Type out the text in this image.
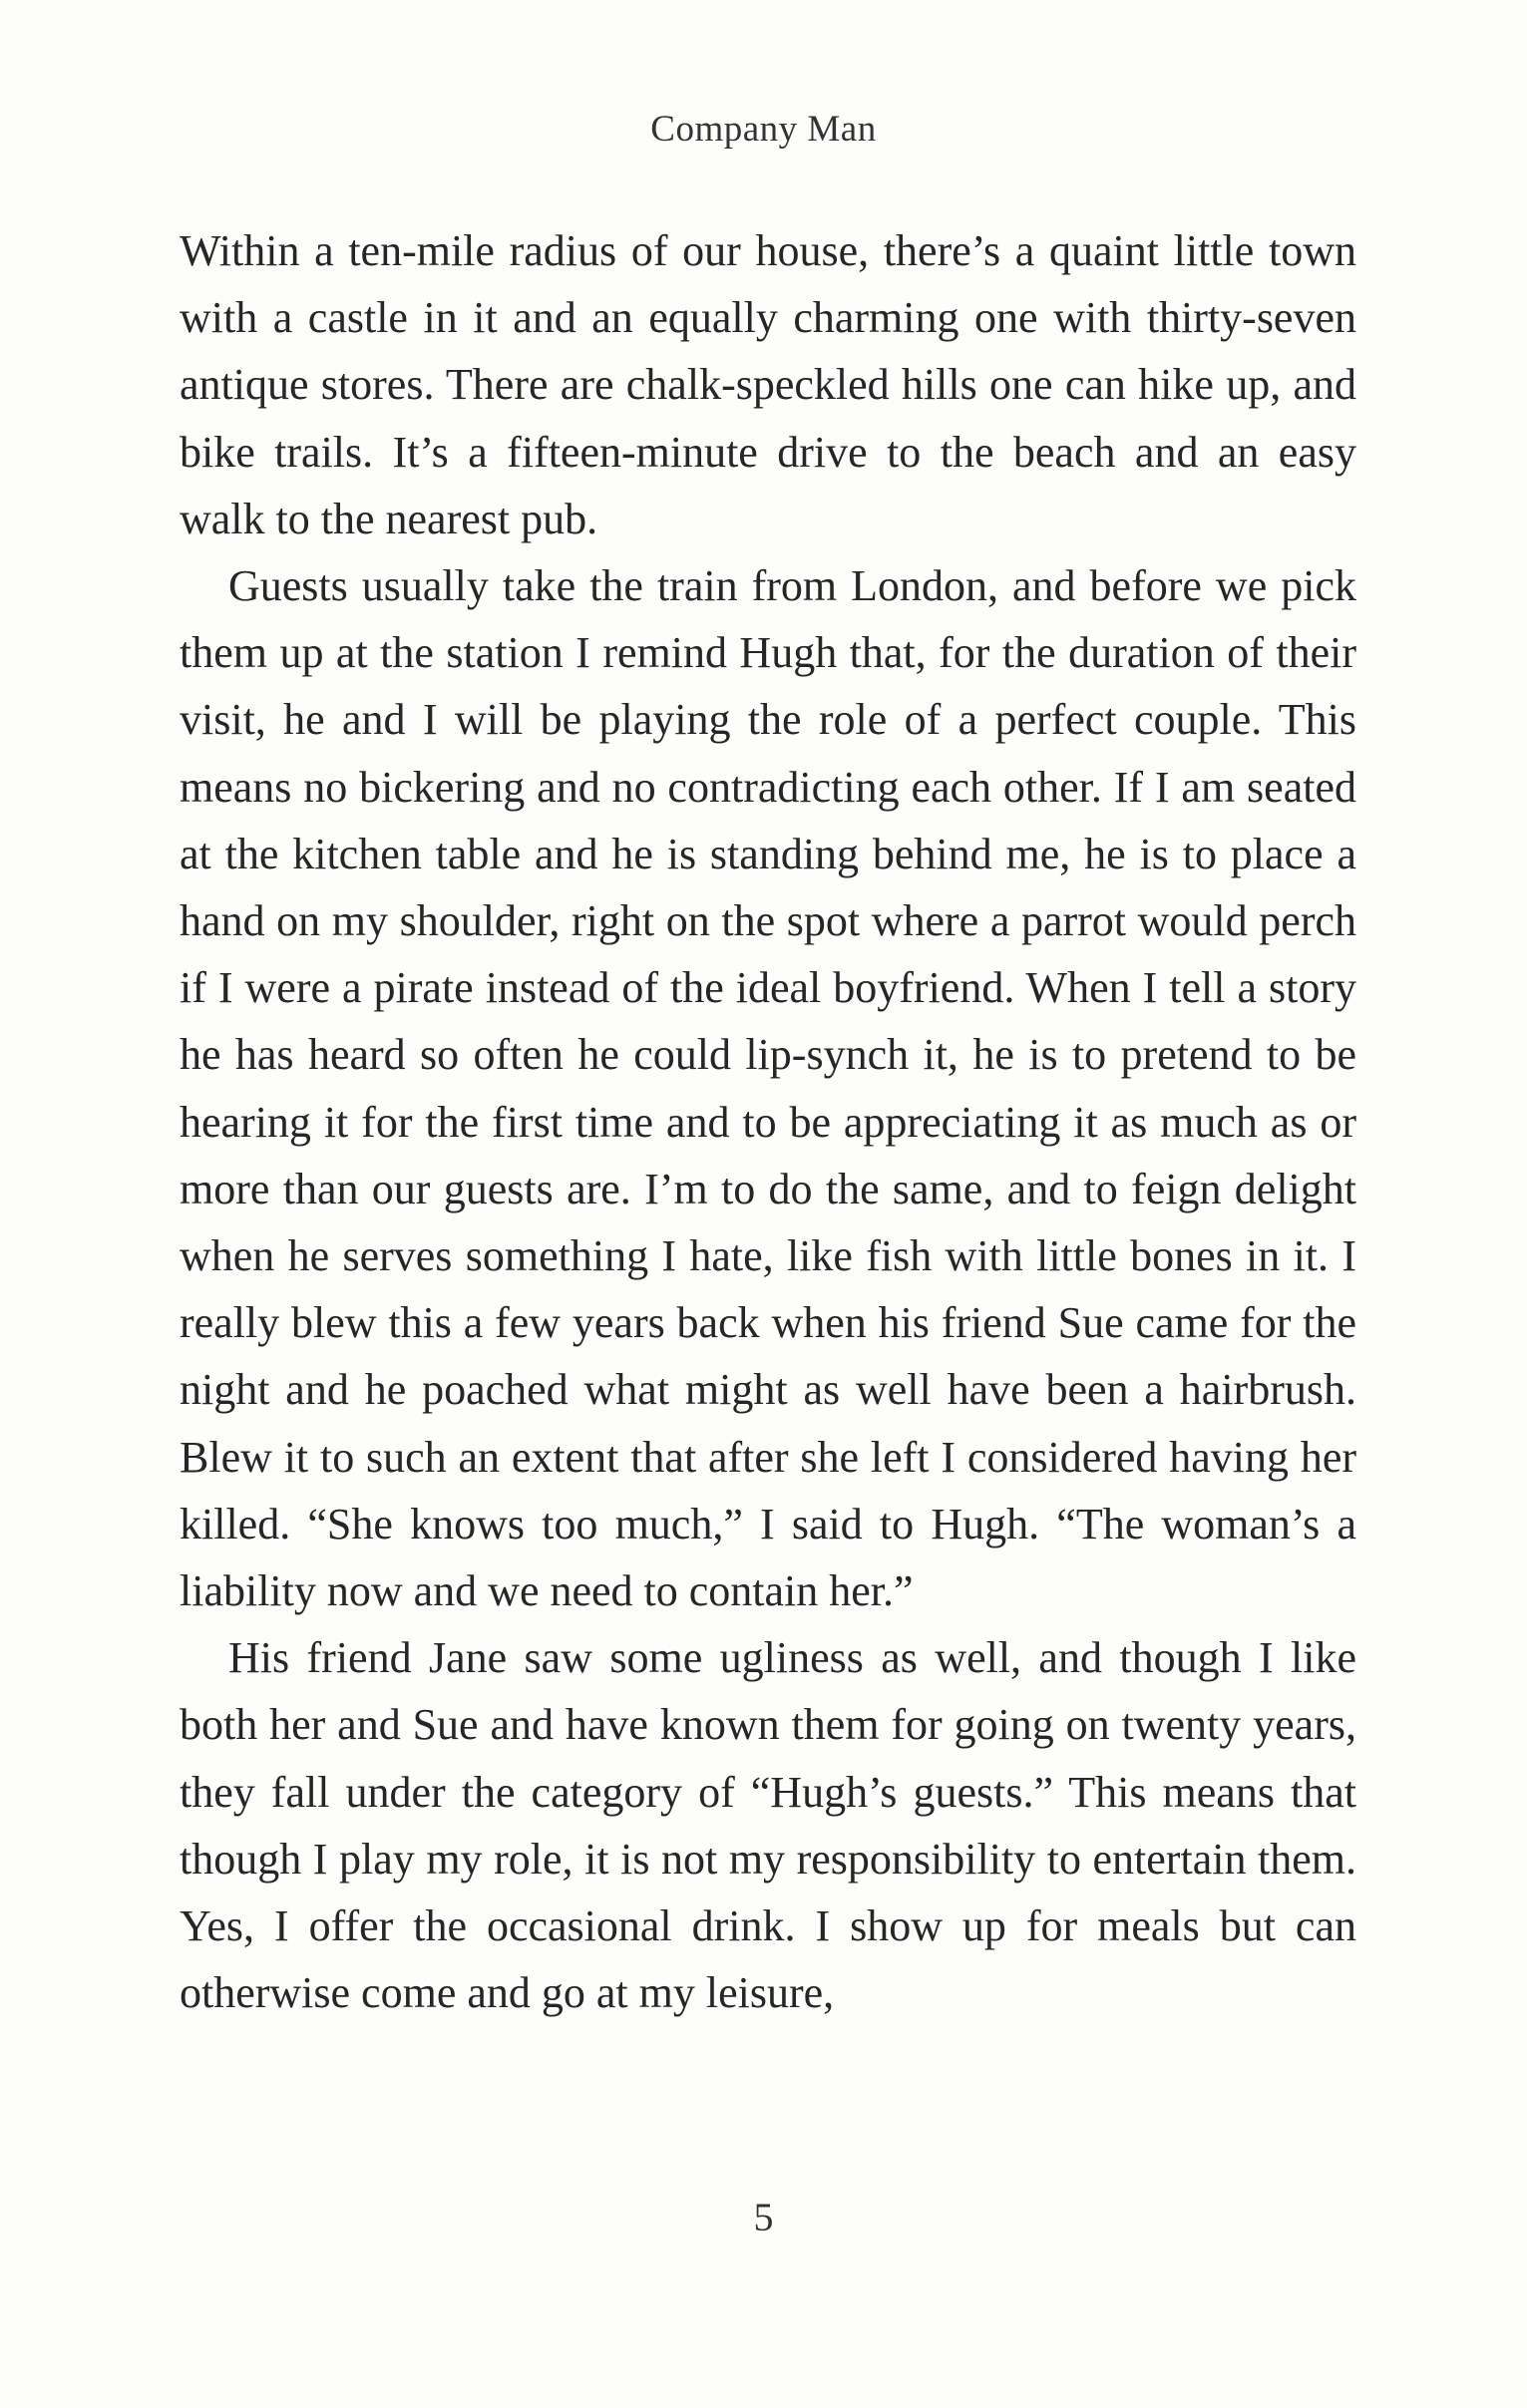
Company Man

Within a ten-mile radius of our house, there’s a quaint little town with a castle in it and an equally charming one with thirty-seven antique stores. There are chalk-speckled hills one can hike up, and bike trails. It’s a fifteen-minute drive to the beach and an easy walk to the nearest pub.

Guests usually take the train from London, and before we pick them up at the station I remind Hugh that, for the duration of their visit, he and I will be playing the role of a perfect couple. This means no bickering and no contradicting each other. If I am seated at the kitchen table and he is standing behind me, he is to place a hand on my shoulder, right on the spot where a parrot would perch if I were a pirate instead of the ideal boyfriend. When I tell a story he has heard so often he could lip-synch it, he is to pretend to be hearing it for the first time and to be appreciating it as much as or more than our guests are. I’m to do the same, and to feign delight when he serves something I hate, like fish with little bones in it. I really blew this a few years back when his friend Sue came for the night and he poached what might as well have been a hairbrush. Blew it to such an extent that after she left I considered having her killed. “She knows too much,” I said to Hugh. “The woman’s a liability now and we need to contain her.”

His friend Jane saw some ugliness as well, and though I like both her and Sue and have known them for going on twenty years, they fall under the category of “Hugh’s guests.” This means that though I play my role, it is not my responsibility to entertain them. Yes, I offer the occasional drink. I show up for meals but can otherwise come and go at my leisure,

5
